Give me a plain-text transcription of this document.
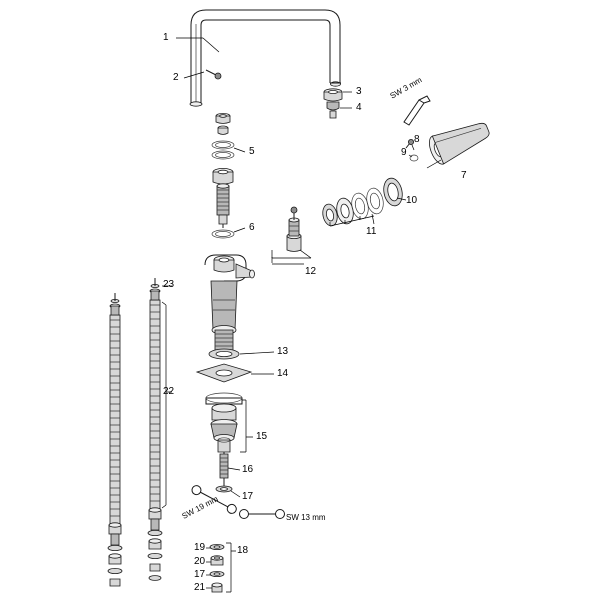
1
2
3
4
5
6
7
8
9
10
11
12
13
14
15
16
17
18
19
20
17
21
22
23
SW 3 mm
SW 19 mm	SW 13 mm
